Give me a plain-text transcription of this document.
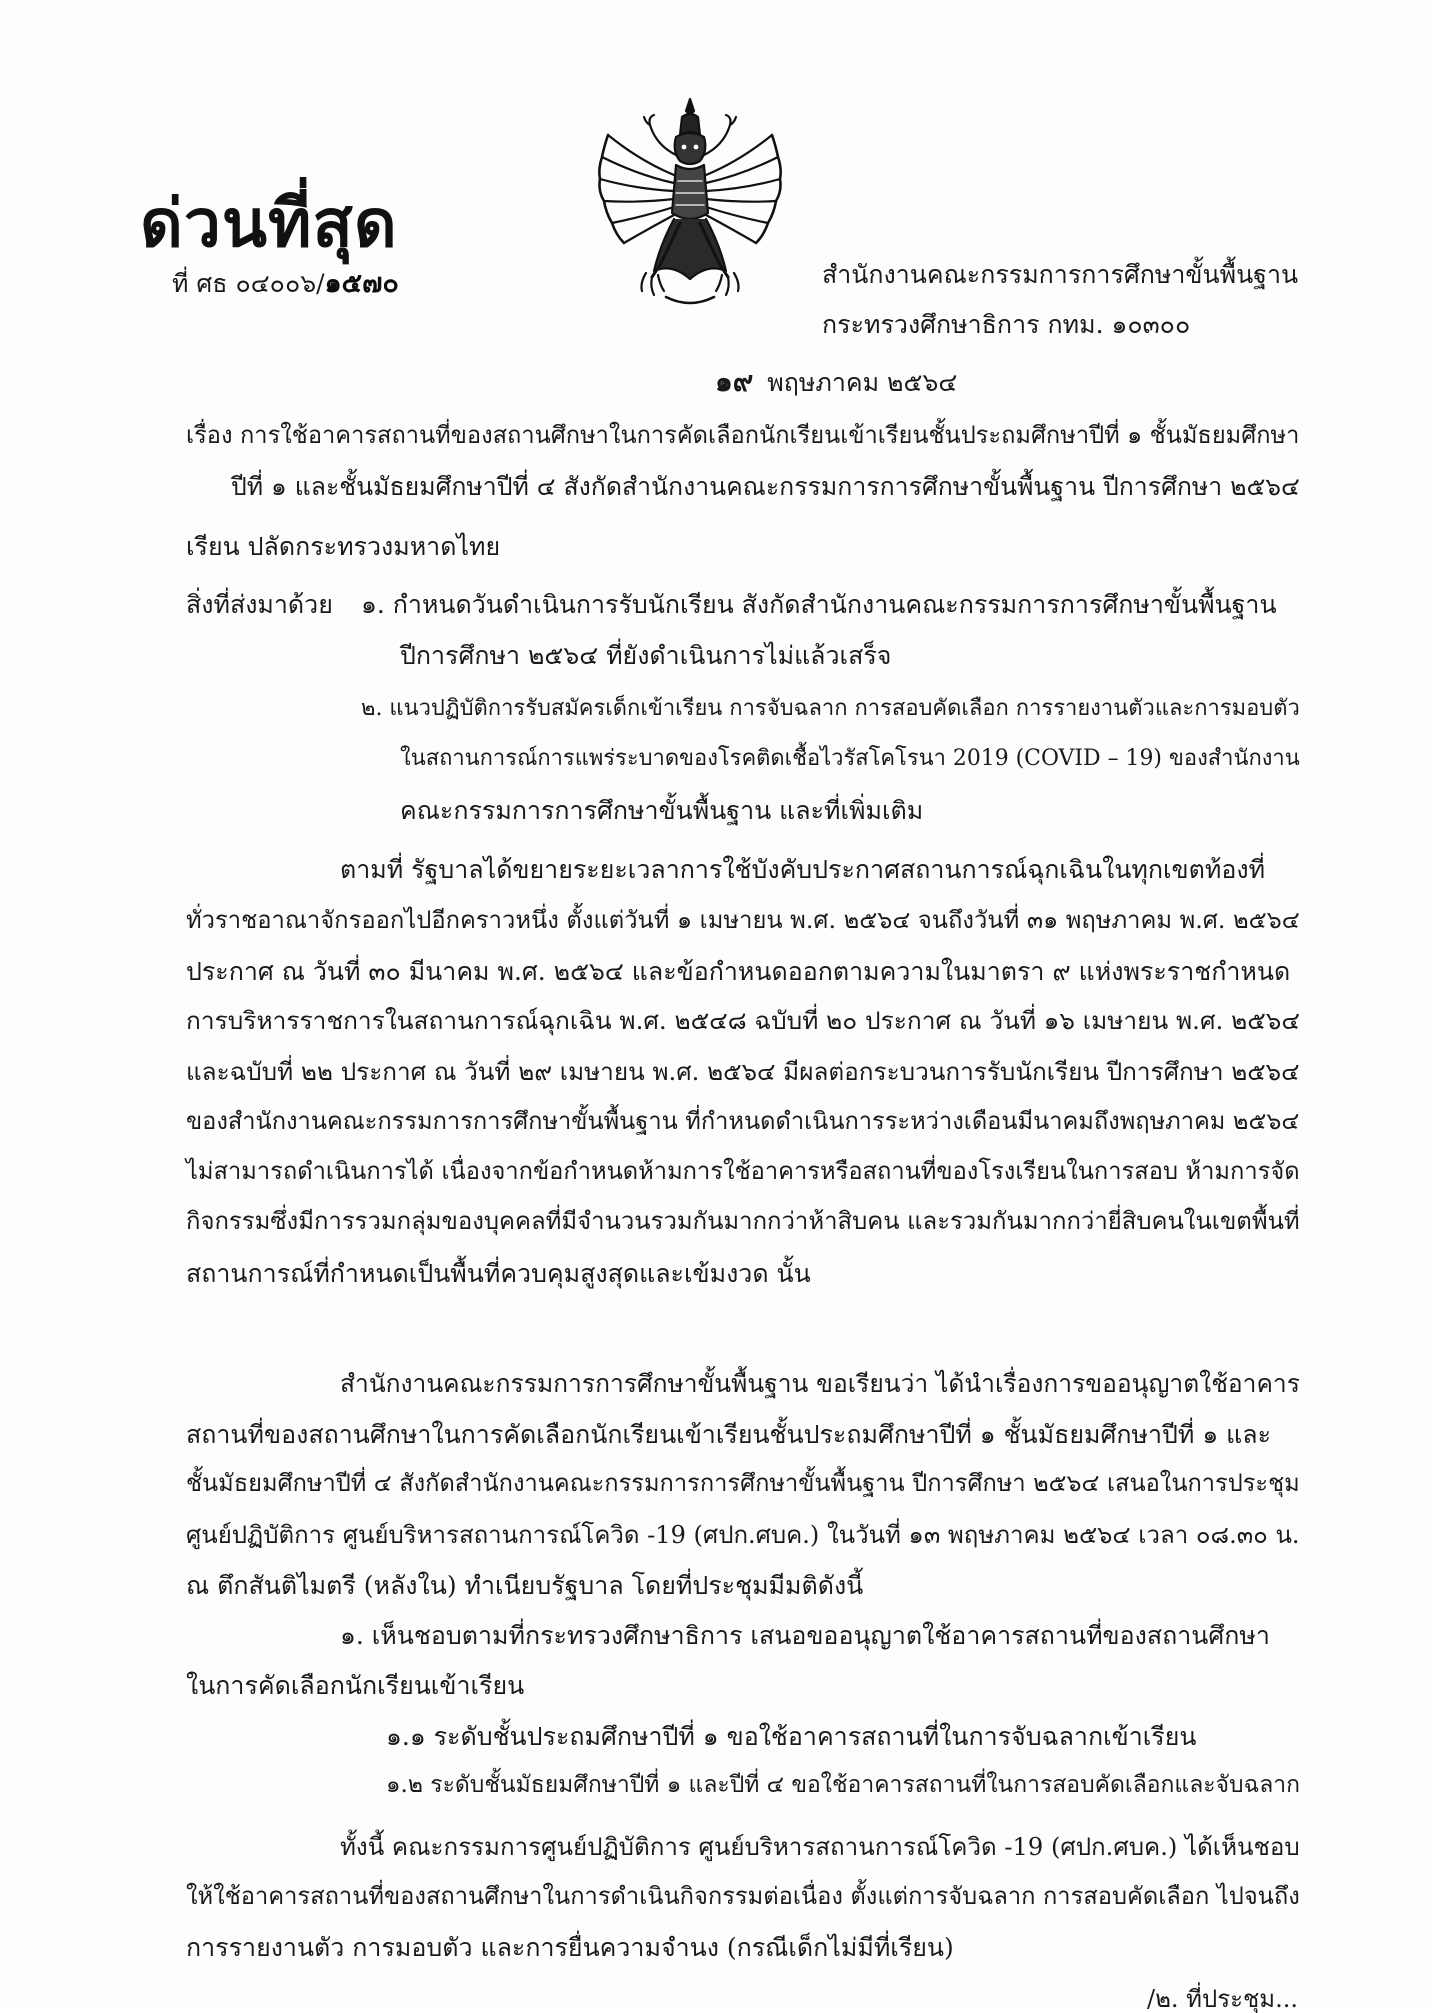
ด่วนที่สุด
ที่ ศธ ๐๔๐๐๖/๑๕๗๐	สำนักงานคณะกรรมการการศึกษาขั้นพื้นฐาน
กระทรวงศึกษาธิการ กทม. ๑๐๓๐๐
๑๙ พฤษภาคม ๒๕๖๔
เรื่อง การใช้อาคารสถานที่ของสถานศึกษาในการคัดเลือกนักเรียนเข้าเรียนชั้นประถมศึกษาปีที่ ๑ ชั้นมัธยมศึกษา
ปีที่ ๑ และชั้นมัธยมศึกษาปีที่ ๔ สังกัดสำนักงานคณะกรรมการการศึกษาขั้นพื้นฐาน ปีการศึกษา ๒๕๖๔
เรียน ปลัดกระทรวงมหาดไทย
สิ่งที่ส่งมาด้วย ๑. กำหนดวันดำเนินการรับนักเรียน สังกัดสำนักงานคณะกรรมการการศึกษาขั้นพื้นฐาน
ปีการศึกษา ๒๕๖๔ ที่ยังดำเนินการไม่แล้วเสร็จ
๒. แนวปฏิบัติการรับสมัครเด็กเข้าเรียน การจับฉลาก การสอบคัดเลือก การรายงานตัวและการมอบตัว
ในสถานการณ์การแพร่ระบาดของโรคติดเชื้อไวรัสโคโรนา 2019 (COVID – 19) ของสำนักงาน
คณะกรรมการการศึกษาขั้นพื้นฐาน และที่เพิ่มเติม
ตามที่ รัฐบาลได้ขยายระยะเวลาการใช้บังคับประกาศสถานการณ์ฉุกเฉินในทุกเขตท้องที่
ทั่วราชอาณาจักรออกไปอีกคราวหนึ่ง ตั้งแต่วันที่ ๑ เมษายน พ.ศ. ๒๕๖๔ จนถึงวันที่ ๓๑ พฤษภาคม พ.ศ. ๒๕๖๔
ประกาศ ณ วันที่ ๓๐ มีนาคม พ.ศ. ๒๕๖๔ และข้อกำหนดออกตามความในมาตรา ๙ แห่งพระราชกำหนด
การบริหารราชการในสถานการณ์ฉุกเฉิน พ.ศ. ๒๕๔๘ ฉบับที่ ๒๐ ประกาศ ณ วันที่ ๑๖ เมษายน พ.ศ. ๒๕๖๔
และฉบับที่ ๒๒ ประกาศ ณ วันที่ ๒๙ เมษายน พ.ศ. ๒๕๖๔ มีผลต่อกระบวนการรับนักเรียน ปีการศึกษา ๒๕๖๔
ของสำนักงานคณะกรรมการการศึกษาขั้นพื้นฐาน ที่กำหนดดำเนินการระหว่างเดือนมีนาคมถึงพฤษภาคม ๒๕๖๔
ไม่สามารถดำเนินการได้ เนื่องจากข้อกำหนดห้ามการใช้อาคารหรือสถานที่ของโรงเรียนในการสอบ ห้ามการจัด
กิจกรรมซึ่งมีการรวมกลุ่มของบุคคลที่มีจำนวนรวมกันมากกว่าห้าสิบคน และรวมกันมากกว่ายี่สิบคนในเขตพื้นที่
สถานการณ์ที่กำหนดเป็นพื้นที่ควบคุมสูงสุดและเข้มงวด นั้น
สำนักงานคณะกรรมการการศึกษาขั้นพื้นฐาน ขอเรียนว่า ได้นำเรื่องการขออนุญาตใช้อาคาร
สถานที่ของสถานศึกษาในการคัดเลือกนักเรียนเข้าเรียนชั้นประถมศึกษาปีที่ ๑ ชั้นมัธยมศึกษาปีที่ ๑ และ
ชั้นมัธยมศึกษาปีที่ ๔ สังกัดสำนักงานคณะกรรมการการศึกษาขั้นพื้นฐาน ปีการศึกษา ๒๕๖๔ เสนอในการประชุม
ศูนย์ปฏิบัติการ ศูนย์บริหารสถานการณ์โควิด -19 (ศปก.ศบค.) ในวันที่ ๑๓ พฤษภาคม ๒๕๖๔ เวลา ๐๘.๓๐ น.
ณ ตึกสันติไมตรี (หลังใน) ทำเนียบรัฐบาล โดยที่ประชุมมีมติดังนี้
๑. เห็นชอบตามที่กระทรวงศึกษาธิการ เสนอขออนุญาตใช้อาคารสถานที่ของสถานศึกษา
ในการคัดเลือกนักเรียนเข้าเรียน
๑.๑ ระดับชั้นประถมศึกษาปีที่ ๑ ขอใช้อาคารสถานที่ในการจับฉลากเข้าเรียน
๑.๒ ระดับชั้นมัธยมศึกษาปีที่ ๑ และปีที่ ๔ ขอใช้อาคารสถานที่ในการสอบคัดเลือกและจับฉลาก
ทั้งนี้ คณะกรรมการศูนย์ปฏิบัติการ ศูนย์บริหารสถานการณ์โควิด -19 (ศปก.ศบค.) ได้เห็นชอบ
ให้ใช้อาคารสถานที่ของสถานศึกษาในการดำเนินกิจกรรมต่อเนื่อง ตั้งแต่การจับฉลาก การสอบคัดเลือก ไปจนถึง
การรายงานตัว การมอบตัว และการยื่นความจำนง (กรณีเด็กไม่มีที่เรียน)
/๒. ที่ประชุม...
